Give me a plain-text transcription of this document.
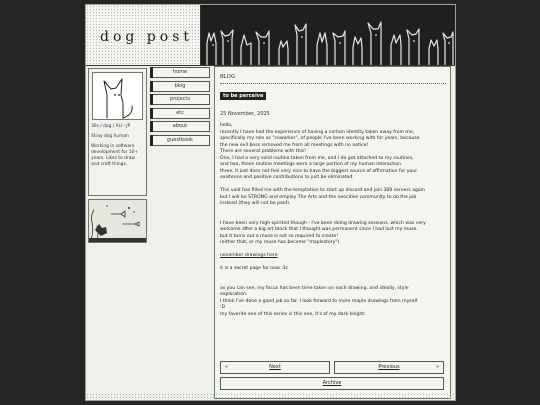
dog post

30s / dog / AU - JP

Stray dog human

Working in software development for 10+ years. Likes to draw and craft things.

home
blog
projects
etc
about
guestbook
BLOG
to be perceive
25 November, 2025

hello,

recently I have had the experience of having a certain identity taken away from me,

specifically my role as "coworker", of people I've been working with for years, because

the new evil boss removed me from all meetings with no notice!

There are several problems with this!

One, I had a very solid routine taken from me, and I do get attached to my routines,

and two, these routine meetings were a large portion of my human interaction.

three, it just does not feel very nice to have the biggest source of affirmation for your

existence and positive contributions to just be eliminated.

This void has filled me with the temptation to start up discord and join 300 servers again

but I will be STRONG and employ The Arts and the neocities community to do the job

instead (they will not be paid).

I have been very high-spirited though - I've been doing drawing sessions, which was very

welcome after a big art block that I thought was permanent since I had lost my muse.

but it turns out a muse is not so required to create!

(either that, or my muse has become "maplestory")

november drawings here

it is a secret page for now :3c

as you can see, my focus has been time taken on each drawing. and ideally, style

exploration.

I think I've done a good job so far. I look forward to more maple drawings from myself

:D

my favorite one of this series is this one, it's of my dark knight:

«	Next	Previous	»
Archive
